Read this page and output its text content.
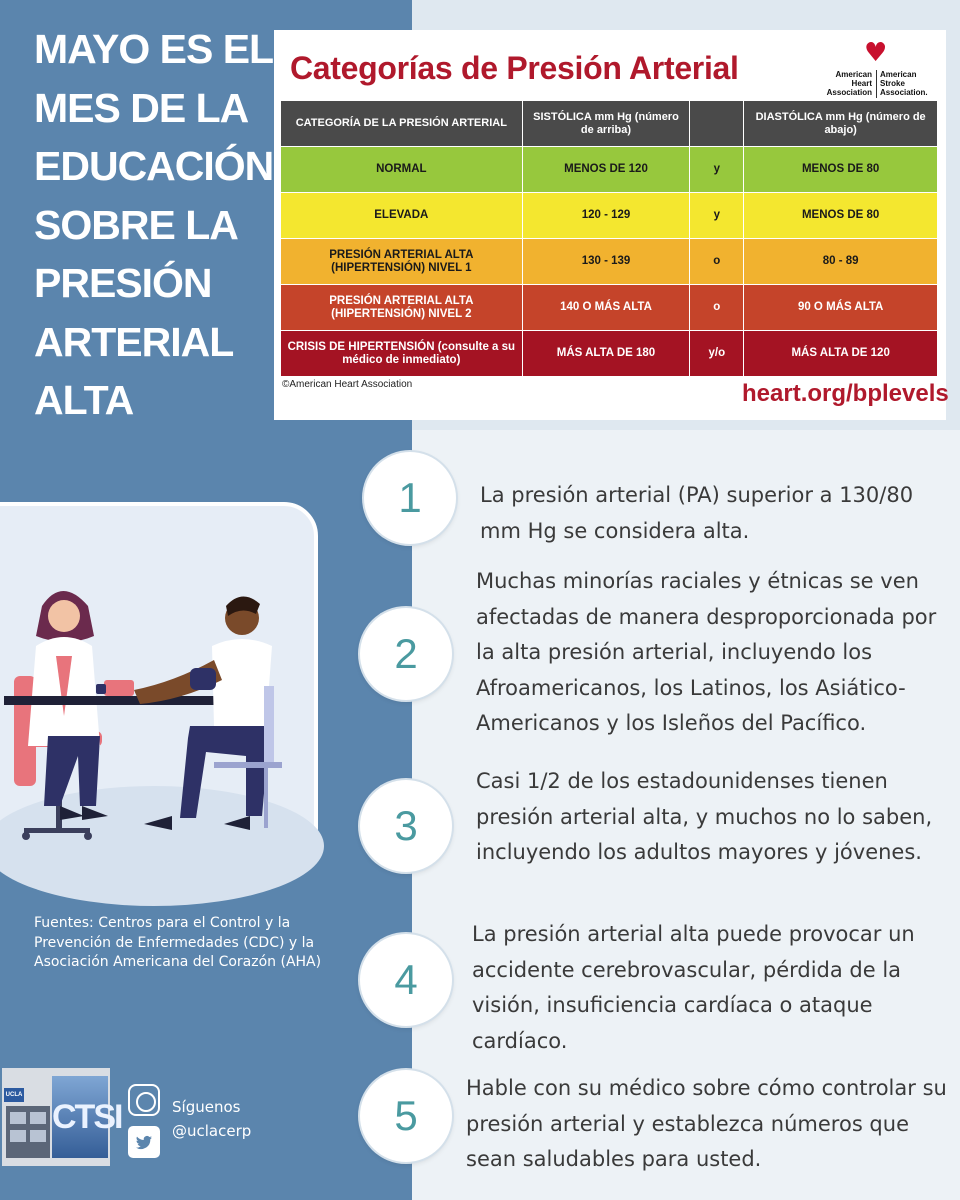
MAYO ES EL
MES DE LA
EDUCACIÓN
SOBRE LA
PRESIÓN
ARTERIAL
ALTA
Categorías de Presión Arterial	♥
American Heart Association
American Stroke Association.
CATEGORÍA DE LA PRESIÓN ARTERIAL	SISTÓLICA mm Hg (número de arriba)		DIASTÓLICA mm Hg (número de abajo)
NORMAL	MENOS DE 120	y	MENOS DE 80
ELEVADA	120 - 129	y	MENOS DE 80
PRESIÓN ARTERIAL ALTA (HIPERTENSIÓN) NIVEL 1	130 - 139	o	80 - 89
PRESIÓN ARTERIAL ALTA (HIPERTENSIÓN) NIVEL 2	140 O MÁS ALTA	o	90 O MÁS ALTA
CRISIS DE HIPERTENSIÓN (consulte a su médico de inmediato)	MÁS ALTA DE 180	y/o	MÁS ALTA DE 120
©American Heart Association	heart.org/bplevels
1	La presión arterial (PA) superior a 130/80 mm Hg se considera alta.
2
Muchas minorías raciales y étnicas se ven afectadas de manera desproporcionada por la alta presión arterial, incluyendo los Afroamericanos, los Latinos, los Asiático-Americanos y los Isleños del Pacífico.
3
Casi 1/2 de los estadounidenses tienen presión arterial alta, y muchos no lo saben, incluyendo los adultos mayores y jóvenes.
4
La presión arterial alta puede provocar un accidente cerebrovascular, pérdida de la visión, insuficiencia cardíaca o ataque cardíaco.
5
Hable con su médico sobre cómo controlar su presión arterial y establezca números que sean saludables para usted.
Fuentes: Centros para el Control y la Prevención de Enfermedades (CDC) y la Asociación Americana del Corazón (AHA)
UCLA
CTSI	Síguenos
@uclacerp
